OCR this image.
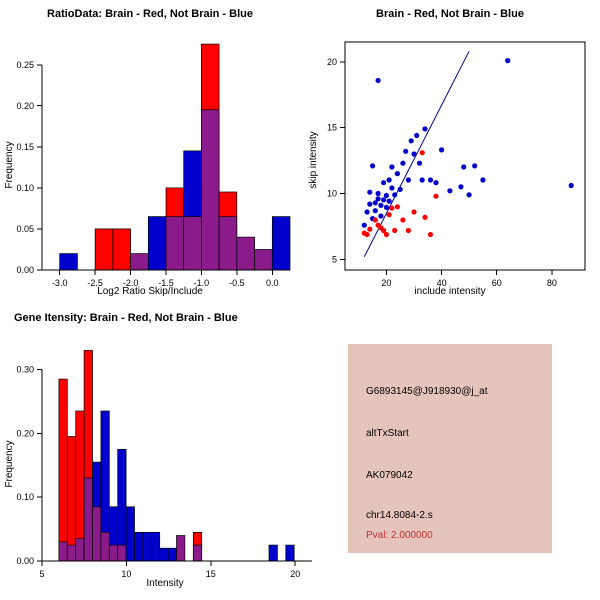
RatioData: Brain - Red, Not Brain - Blue
0.00
0.05
0.10
0.15
0.20
0.25
Frequency
-3.0 -2.5 -2.0 -1.5 -1.0 -0.5 0.0
Log2 Ratio Skip/Include
Brain - Red, Not Brain - Blue
20	40	60	80
5
10
15
20
skip intensity
include intensity
Gene Itensity: Brain - Red, Not Brain - Blue
0.00
0.10
0.20
0.30
Frequency
5	10	15	20
Intensity
G6893145@J918930@j_at
altTxStart
AK079042
chr14.8084-2.s
Pval: 2.000000
